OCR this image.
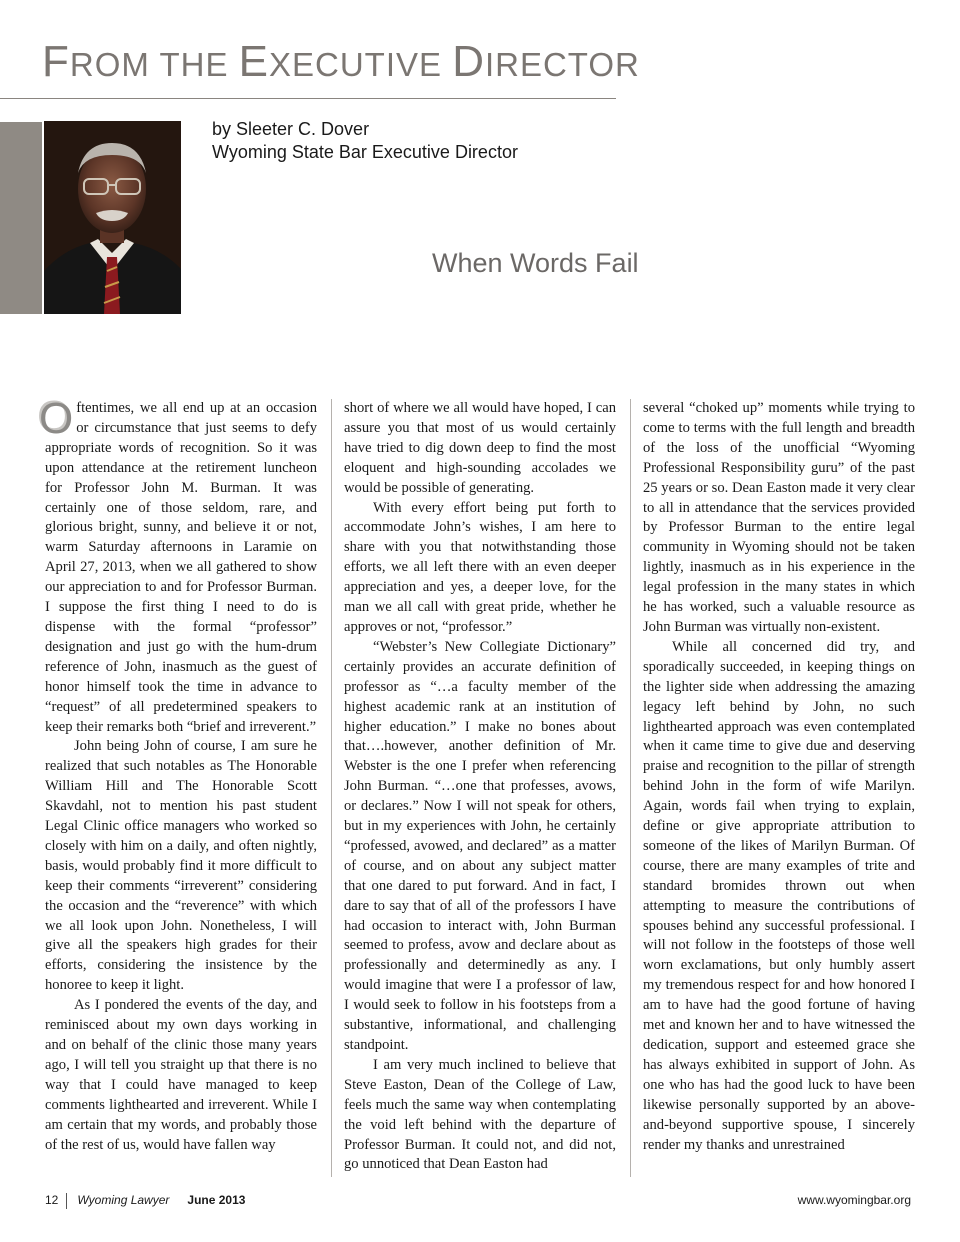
FROM THE EXECUTIVE DIRECTOR
by Sleeter C. Dover
Wyoming State Bar Executive Director
When Words Fail

Oftentimes, we all end up at an occasion or circumstance that just seems to defy appropriate words of recognition. So it was upon attendance at the retirement luncheon for Professor John M. Burman. It was certainly one of those seldom, rare, and glorious bright, sunny, and believe it or not, warm Saturday afternoons in Laramie on April 27, 2013, when we all gathered to show our appreciation to and for Professor Burman. I suppose the first thing I need to do is dispense with the formal “professor” designation and just go with the hum-drum reference of John, inasmuch as the guest of honor himself took the time in advance to “request” of all predetermined speakers to keep their remarks both “brief and irreverent.”

John being John of course, I am sure he realized that such notables as The Honorable William Hill and The Honorable Scott Skavdahl, not to mention his past student Legal Clinic office managers who worked so closely with him on a daily, and often nightly, basis, would probably find it more difficult to keep their comments “irreverent” considering the occasion and the “reverence” with which we all look upon John. Nonetheless, I will give all the speakers high grades for their efforts, considering the insistence by the honoree to keep it light.

As I pondered the events of the day, and reminisced about my own days working in and on behalf of the clinic those many years ago, I will tell you straight up that there is no way that I could have managed to keep comments lighthearted and irreverent. While I am certain that my words, and probably those of the rest of us, would have fallen way

short of where we all would have hoped, I can assure you that most of us would certainly have tried to dig down deep to find the most eloquent and high-sounding accolades we would be possible of generating.

With every effort being put forth to accommodate John’s wishes, I am here to share with you that notwithstanding those efforts, we all left there with an even deeper appreciation and yes, a deeper love, for the man we all call with great pride, whether he approves or not, “professor.”

“Webster’s New Collegiate Dictionary” certainly provides an accurate definition of professor as “…a faculty member of the highest academic rank at an institution of higher education.” I make no bones about that….however, another definition of Mr. Webster is the one I prefer when referencing John Burman. “…one that professes, avows, or declares.” Now I will not speak for others, but in my experiences with John, he certainly “professed, avowed, and declared” as a matter of course, and on about any subject matter that one dared to put forward. And in fact, I dare to say that of all of the professors I have had occasion to interact with, John Burman seemed to profess, avow and declare about as professionally and determinedly as any. I would imagine that were I a professor of law, I would seek to follow in his footsteps from a substantive, informational, and challenging standpoint.

I am very much inclined to believe that Steve Easton, Dean of the College of Law, feels much the same way when contemplating the void left behind with the departure of Professor Burman. It could not, and did not, go unnoticed that Dean Easton had

several “choked up” moments while trying to come to terms with the full length and breadth of the loss of the unofficial “Wyoming Professional Responsibility guru” of the past 25 years or so. Dean Easton made it very clear to all in attendance that the services provided by Professor Burman to the entire legal community in Wyoming should not be taken lightly, inasmuch as in his experience in the legal profession in the many states in which he has worked, such a valuable resource as John Burman was virtually non-existent.

While all concerned did try, and sporadically succeeded, in keeping things on the lighter side when addressing the amazing legacy left behind by John, no such lighthearted approach was even contemplated when it came time to give due and deserving praise and recognition to the pillar of strength behind John in the form of wife Marilyn. Again, words fail when trying to explain, define or give appropriate attribution to someone of the likes of Marilyn Burman. Of course, there are many examples of trite and standard bromides thrown out when attempting to measure the contributions of spouses behind any successful professional. I will not follow in the footsteps of those well worn exclamations, but only humbly assert my tremendous respect for and how honored I am to have had the good fortune of having met and known her and to have witnessed the dedication, support and esteemed grace she has always exhibited in support of John. As one who has had the good luck to have been likewise personally supported by an above-and-beyond supportive spouse, I sincerely render my thanks and unrestrained

12 Wyoming Lawyer June 2013	www.wyomingbar.org
